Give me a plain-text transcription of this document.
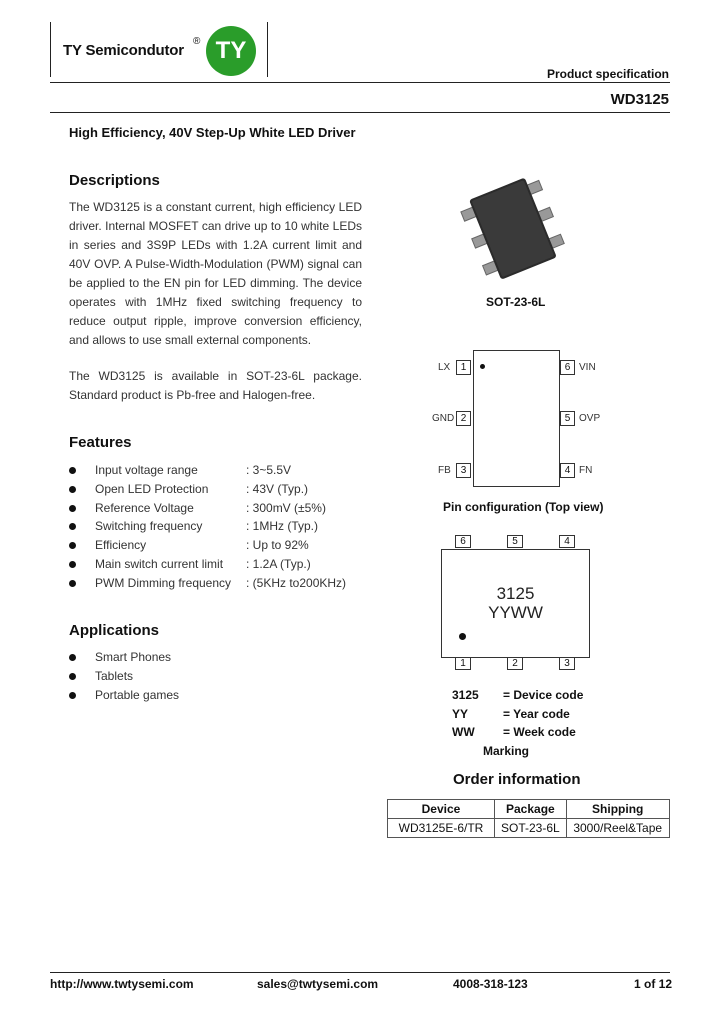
TY Semicondutor
® TY
Product specification
WD3125
High Efficiency, 40V Step-Up White LED Driver
Descriptions
The WD3125 is a constant current, high efficiency LED driver. Internal MOSFET can drive up to 10 white LEDs in series and 3S9P LEDs with 1.2A current limit and 40V OVP. A Pulse-Width-Modulation (PWM) signal can be applied to the EN pin for LED dimming. The device operates with 1MHz fixed switching frequency to reduce output ripple, improve conversion efficiency, and allows to use small external components.
The WD3125 is available in SOT-23-6L package. Standard product is Pb-free and Halogen-free.
Features
Input voltage range	: 3~5.5V
Open LED Protection	: 43V (Typ.)
Reference Voltage	: 300mV (±5%)
Switching frequency	: 1MHz (Typ.)
Efficiency	: Up to 92%
Main switch current limit : 1.2A (Typ.)
PWM Dimming frequency : (5KHz to200KHz)
Applications
Smart Phones
Tablets
Portable games
SOT-23-6L
LX	1
GND 2
FB 3
6 VIN
5 OVP
4 FN
Pin configuration (Top view)
6	5	4
3125
YYWW
1	2	3
3125 = Device code
YY	= Year code
WW = Week code
Marking
Order information
Device	Package	Shipping
WD3125E-6/TR	SOT-23-6L	3000/Reel&Tape
http://www.twtysemi.com	sales@twtysemi.com	4008-318-123	1 of 12
